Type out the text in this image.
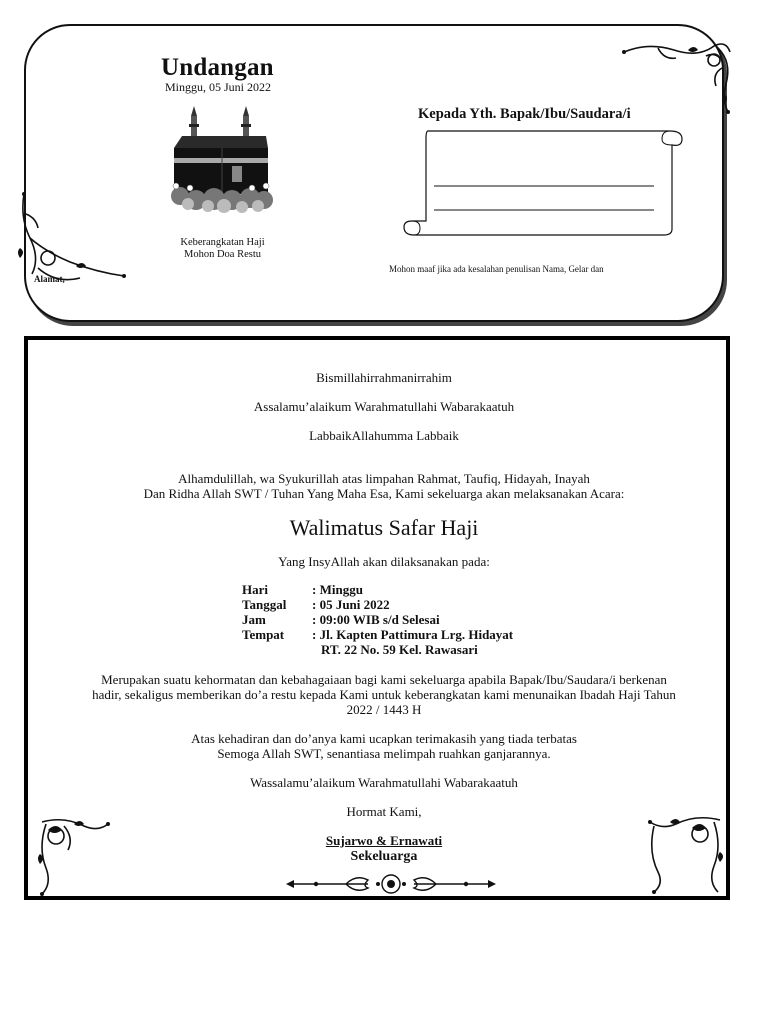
Undangan
Minggu, 05 Juni 2022
Keberangkatan Haji
Mohon Doa Restu
Kepada Yth. Bapak/Ibu/Saudara/i
Mohon maaf jika ada kesalahan penulisan Nama, Gelar dan
Alamat,
Bismillahirrahmanirrahim
Assalamu’alaikum Warahmatullahi Wabarakaatuh
LabbaikAllahumma Labbaik
Alhamdulillah, wa Syukurillah atas limpahan Rahmat, Taufiq, Hidayah, Inayah
Dan Ridha Allah SWT / Tuhan Yang Maha Esa, Kami sekeluarga akan melaksanakan Acara:
Walimatus Safar Haji
Yang InsyAllah akan dilaksanakan pada:
Hari	: Minggu
Tanggal	: 05 Juni 2022
Jam	: 09:00 WIB s/d Selesai
Tempat	: Jl. Kapten Pattimura Lrg. Hidayat
RT. 22 No. 59 Kel. Rawasari
Merupakan suatu kehormatan dan kebahagaiaan bagi kami sekeluarga apabila Bapak/Ibu/Saudara/i berkenan
hadir, sekaligus memberikan do’a restu kepada Kami untuk keberangkatan kami menunaikan Ibadah Haji Tahun
2022 / 1443 H
Atas kehadiran dan do’anya kami ucapkan terimakasih yang tiada terbatas
Semoga Allah SWT, senantiasa melimpah ruahkan ganjarannya.
Wassalamu’alaikum Warahmatullahi Wabarakaatuh
Hormat Kami,
Sujarwo & Ernawati
Sekeluarga
